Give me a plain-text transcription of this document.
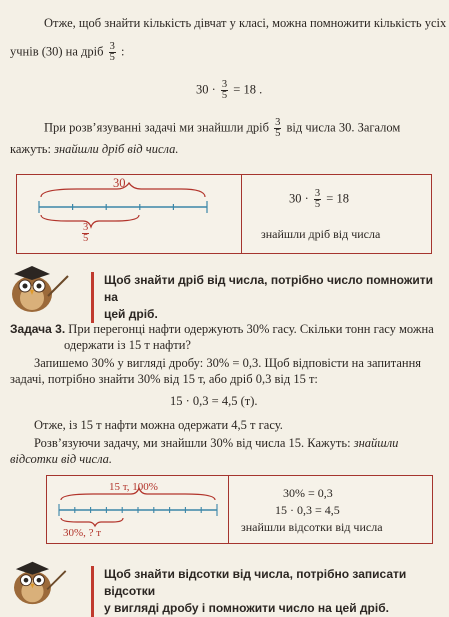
Отже, щоб знайти кількість дівчат у класі, можна помножити кількість усіх
учнів (30) на дріб $\frac{3}{5}$ :
$30 \cdot \frac{3}{5} = 18$ .
При розв’язуванні задачі ми знайшли дріб $\frac{3}{5}$ від числа 30. Загалом
кажуть: знайшли дріб від числа.
30
$\frac{3}{5}$
$30 \cdot \frac{3}{5} = 18$
знайшли дріб від числа
Щоб знайти дріб від числа, потрібно число помножити на
цей дріб.
Задача 3. При перегонці нафти одержують 30% гасу. Скільки тонн гасу можна
одержати із 15 т нафти?
Запишемо 30% у вигляді дробу: 30% = 0,3. Щоб відповісти на запитання
задачі, потрібно знайти 30% від 15 т, або дріб 0,3 від 15 т:
15 · 0,3 = 4,5 (т).
Отже, із 15 т нафти можна одержати 4,5 т гасу.
Розв’язуючи задачу, ми знайшли 30% від числа 15. Кажуть: знайшли
відсотки від числа.
15 т, 100%
30%, ? т
30% = 0,3
15 · 0,3 = 4,5
знайшли відсотки від числа
Щоб знайти відсотки від числа, потрібно записати відсотки
у вигляді дробу і помножити число на цей дріб.
